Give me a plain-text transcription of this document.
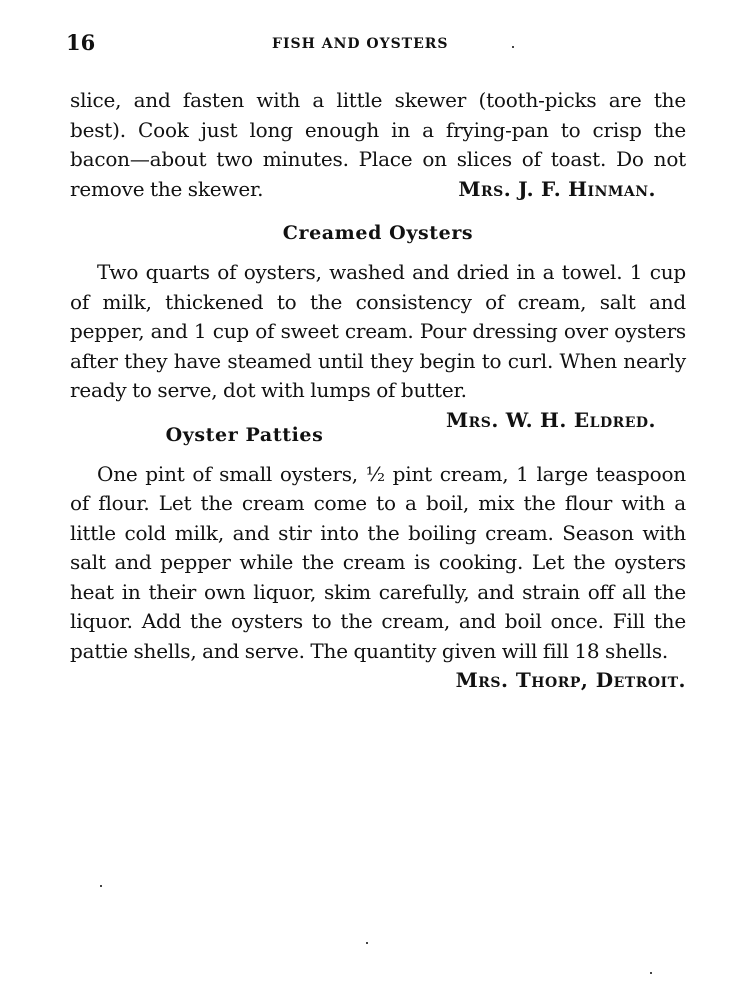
16	FISH AND OYSTERS

slice, and fasten with a little skewer (tooth-picks are the best). Cook just long enough in a frying-pan to crisp the bacon—about two minutes. Place on slices of toast. Do not remove the skewer.	Mrs. J. F. Hinman.

Creamed Oysters

Two quarts of oysters, washed and dried in a towel. 1 cup of milk, thickened to the consistency of cream, salt and pepper, and 1 cup of sweet cream. Pour dressing over oysters after they have steamed until they begin to curl. When nearly ready to serve, dot with lumps of butter.
Mrs. W. H. Eldred.

Oyster Patties

One pint of small oysters, ½ pint cream, 1 large teaspoon of flour. Let the cream come to a boil, mix the flour with a little cold milk, and stir into the boiling cream. Season with salt and pepper while the cream is cooking. Let the oysters heat in their own liquor, skim carefully, and strain off all the liquor. Add the oysters to the cream, and boil once. Fill the pattie shells, and serve. The quantity given will fill 18 shells.

Mrs. Thorp, Detroit.
